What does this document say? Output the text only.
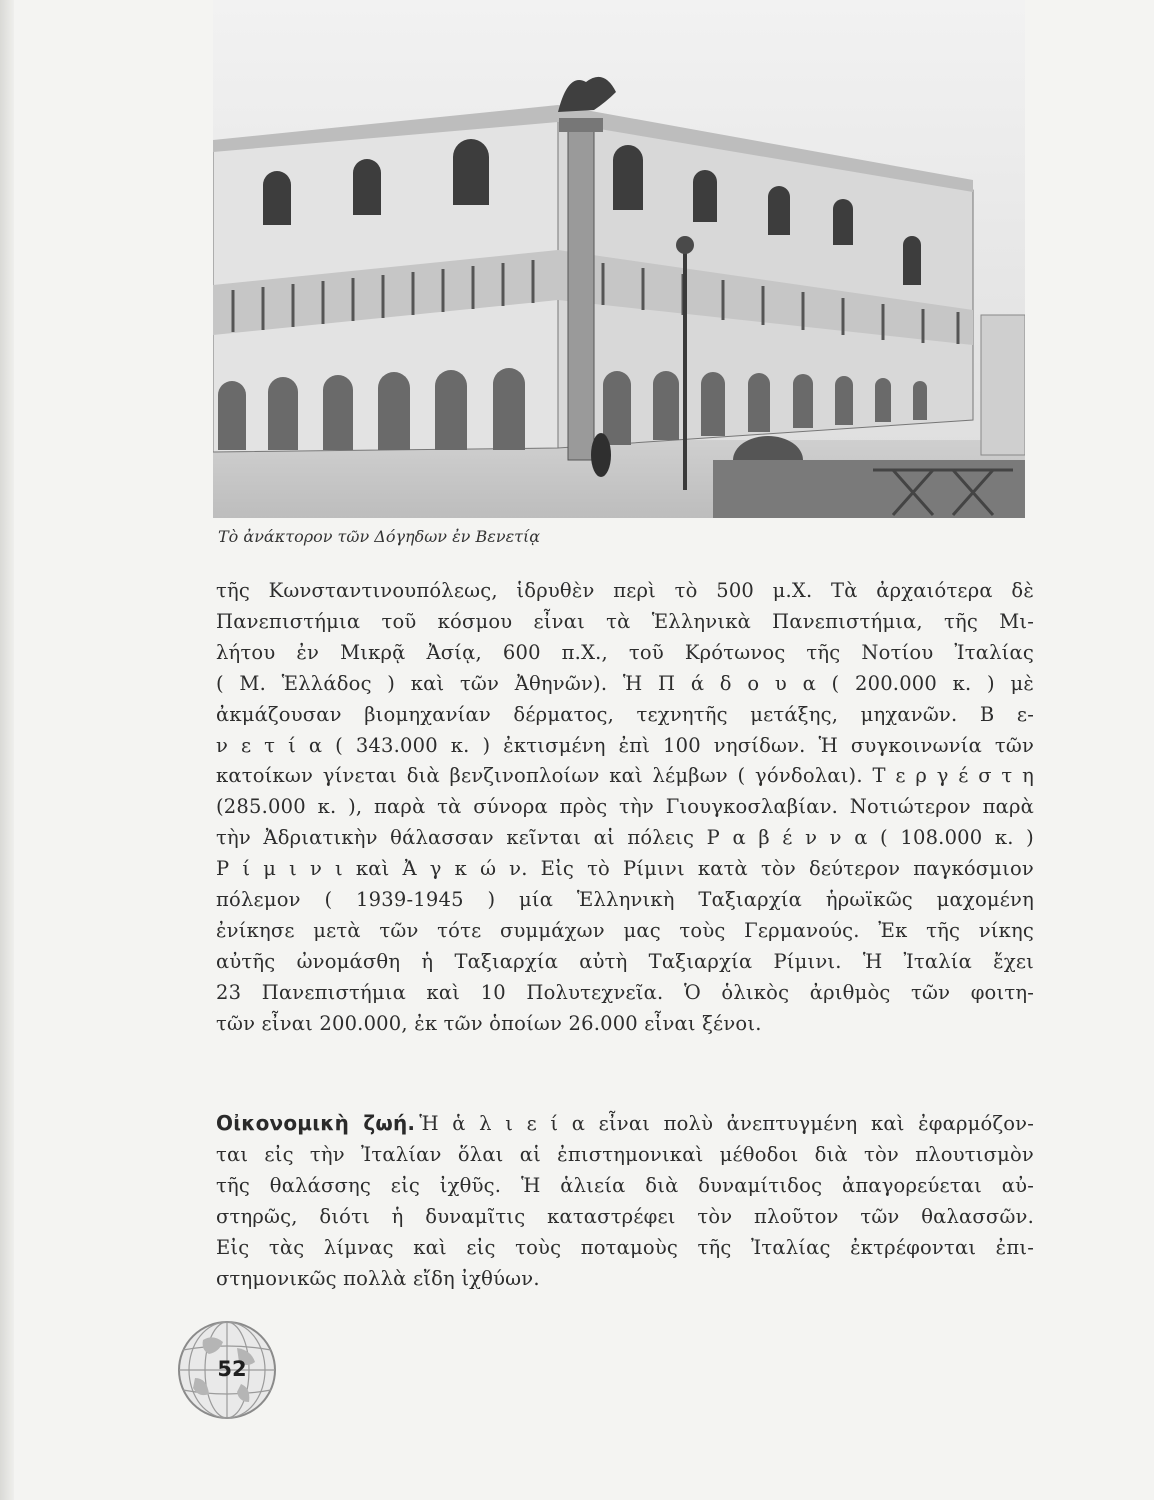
Τὸ ἀνάκτορον τῶν Δόγηδων ἐν Βενετίᾳ
τῆς Κωνσταντινουπόλεως, ἱδρυθὲν περὶ τὸ 500 μ.Χ. Τὰ ἀρχαιότερα δὲ
Πανεπιστήμια τοῦ κόσμου εἶναι τὰ Ἑλληνικὰ Πανεπιστήμια, τῆς Μι-
λήτου ἐν Μικρᾷ Ἀσίᾳ, 600 π.Χ., τοῦ Κρότωνος τῆς Νοτίου Ἰταλίας
( Μ. Ἑλλάδος ) καὶ τῶν Ἀθηνῶν). Ἡ Π ά δ ο υ α ( 200.000 κ. ) μὲ
ἀκμάζουσαν βιομηχανίαν δέρματος, τεχνητῆς μετάξης, μηχανῶν. Β ε-
ν ε τ ί α ( 343.000 κ. ) ἐκτισμένη ἐπὶ 100 νησίδων. Ἡ συγκοινωνία τῶν
κατοίκων γίνεται διὰ βενζινοπλοίων καὶ λέμβων ( γόνδολαι). Τ ε ρ γ έ σ τ η
(285.000 κ. ), παρὰ τὰ σύνορα πρὸς τὴν Γιουγκοσλαβίαν. Νοτιώτερον παρὰ
τὴν Ἀδριατικὴν θάλασσαν κεῖνται αἱ πόλεις Ρ α β έ ν ν α ( 108.000 κ. )
Ρ ί μ ι ν ι καὶ Ἀ γ κ ώ ν. Εἰς τὸ Ρίμινι κατὰ τὸν δεύτερον παγκόσμιον
πόλεμον ( 1939-1945 ) μία Ἑλληνικὴ Ταξιαρχία ἡρωϊκῶς μαχομένη
ἐνίκησε μετὰ τῶν τότε συμμάχων μας τοὺς Γερμανούς. Ἐκ τῆς νίκης
αὐτῆς ὠνομάσθη ἡ Ταξιαρχία αὐτὴ Ταξιαρχία Ρίμινι. Ἡ Ἰταλία ἔχει
23 Πανεπιστήμια καὶ 10 Πολυτεχνεῖα. Ὁ ὁλικὸς ἀριθμὸς τῶν φοιτη-
τῶν εἶναι 200.000, ἐκ τῶν ὁποίων 26.000 εἶναι ξένοι.
Οἰκονομικὴ ζωή. Ἡ ἁ λ ι ε ί α εἶναι πολὺ ἀνεπτυγμένη καὶ ἐφαρμόζον-
ται εἰς τὴν Ἰταλίαν ὅλαι αἱ ἐπιστημονικαὶ μέθοδοι διὰ τὸν πλουτισμὸν
τῆς θαλάσσης εἰς ἰχθῦς. Ἡ ἁλιεία διὰ δυναμίτιδος ἀπαγορεύεται αὐ-
στηρῶς, διότι ἡ δυναμῖτις καταστρέφει τὸν πλοῦτον τῶν θαλασσῶν.
Εἰς τὰς λίμνας καὶ εἰς τοὺς ποταμοὺς τῆς Ἰταλίας ἐκτρέφονται ἐπι-
στημονικῶς πολλὰ εἴδη ἰχθύων.
52
